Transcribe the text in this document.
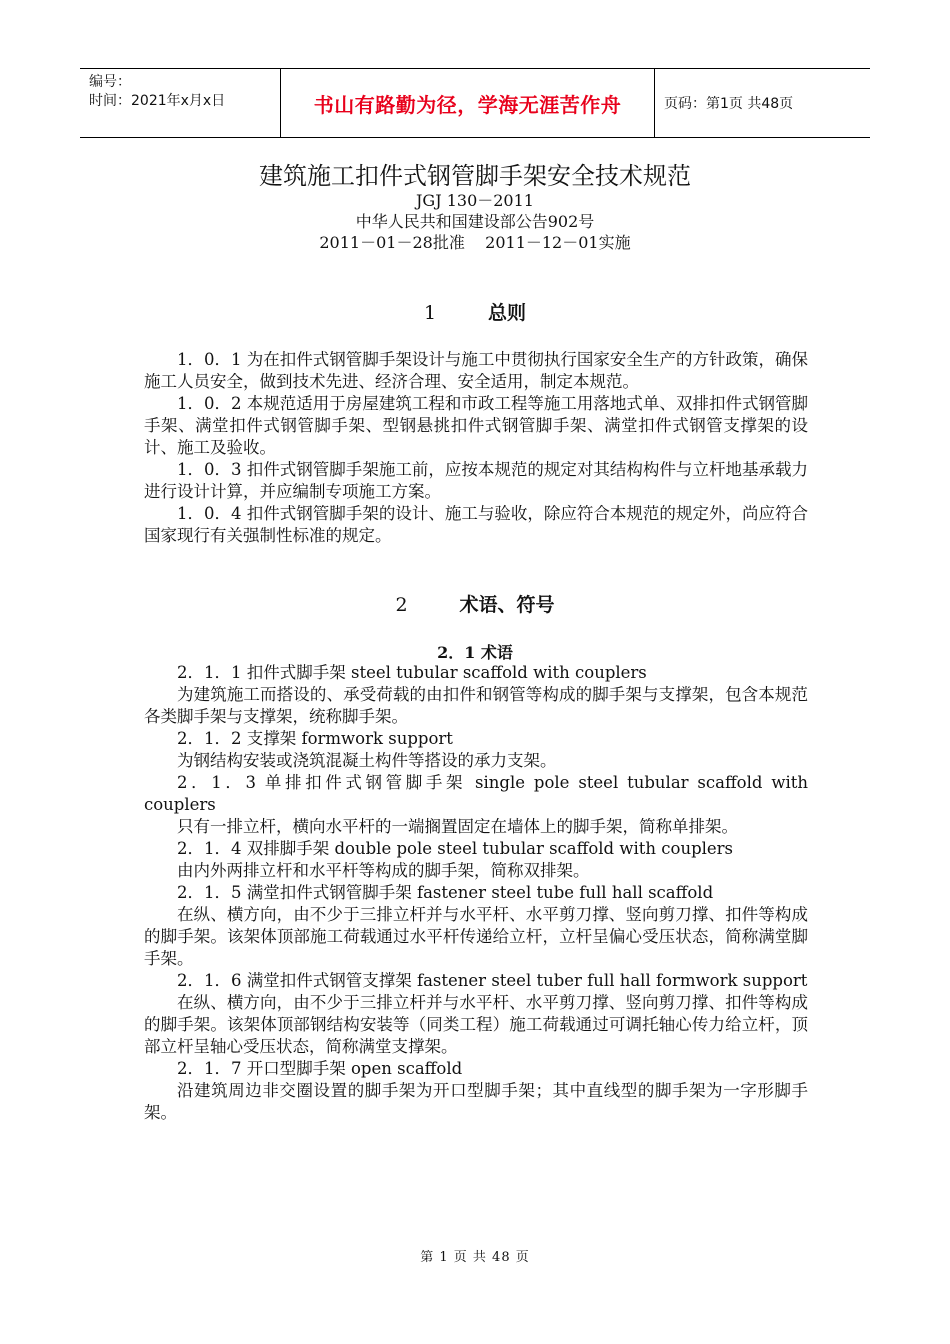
编号：
时间：2021年x月x日	书山有路勤为径，学海无涯苦作舟	页码：第1页 共48页
建筑施工扣件式钢管脚手架安全技术规范
JGJ 130－2011
中华人民共和国建设部公告902号
2011－01－28批准    2011－12－01实施
1	总则

1．0．1 为在扣件式钢管脚手架设计与施工中贯彻执行国家安全生产的方针政策，确保施工人员安全，做到技术先进、经济合理、安全适用，制定本规范。

1．0．2 本规范适用于房屋建筑工程和市政工程等施工用落地式单、双排扣件式钢管脚手架、满堂扣件式钢管脚手架、型钢悬挑扣件式钢管脚手架、满堂扣件式钢管支撑架的设计、施工及验收。

1．0．3 扣件式钢管脚手架施工前，应按本规范的规定对其结构构件与立杆地基承载力进行设计计算，并应编制专项施工方案。

1．0．4 扣件式钢管脚手架的设计、施工与验收，除应符合本规范的规定外，尚应符合国家现行有关强制性标准的规定。

2	术语、符号
2．1 术语

2．1．1 扣件式脚手架 steel tubular scaffold with couplers

为建筑施工而搭设的、承受荷载的由扣件和钢管等构成的脚手架与支撑架，包含本规范各类脚手架与支撑架，统称脚手架。

2．1．2 支撑架 formwork support

为钢结构安装或浇筑混凝土构件等搭设的承力支架。

2．1．3 单排扣件式钢管脚手架 single pole steel tubular scaffold with couplers

只有一排立杆，横向水平杆的一端搁置固定在墙体上的脚手架，简称单排架。

2．1．4 双排脚手架 double pole steel tubular scaffold with couplers

由内外两排立杆和水平杆等构成的脚手架，简称双排架。

2．1．5 满堂扣件式钢管脚手架 fastener steel tube full hall scaffold

在纵、横方向，由不少于三排立杆并与水平杆、水平剪刀撑、竖向剪刀撑、扣件等构成的脚手架。该架体顶部施工荷载通过水平杆传递给立杆，立杆呈偏心受压状态，简称满堂脚手架。

2．1．6 满堂扣件式钢管支撑架 fastener steel tuber full hall formwork support

在纵、横方向，由不少于三排立杆并与水平杆、水平剪刀撑、竖向剪刀撑、扣件等构成的脚手架。该架体顶部钢结构安装等（同类工程）施工荷载通过可调托轴心传力给立杆，顶部立杆呈轴心受压状态，简称满堂支撑架。

2．1．7 开口型脚手架 open scaffold

沿建筑周边非交圈设置的脚手架为开口型脚手架；其中直线型的脚手架为一字形脚手架。

第 1 页 共 48 页
